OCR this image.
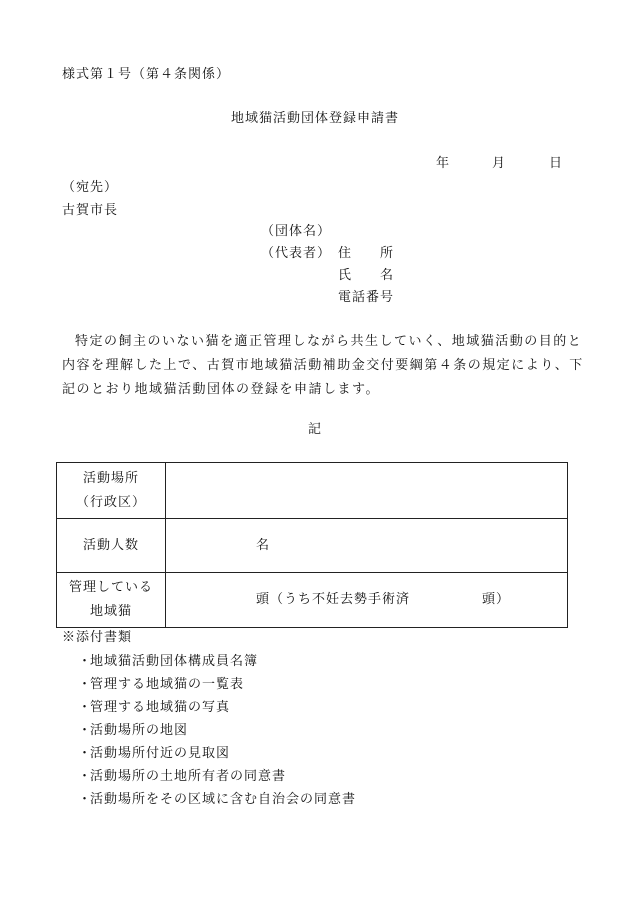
様式第１号（第４条関係）
地域猫活動団体登録申請書
年	月	日
（宛先）
古賀市長
（団体名）
（代表者） 住　　所
氏　　名
電話番号
特定の飼主のいない猫を適正管理しながら共生していく、地域猫活動の目的と
内容を理解した上で、古賀市地域猫活動補助金交付要綱第４条の規定により、下
記のとおり地域猫活動団体の登録を申請します。
記
活動場所
（行政区）	

活動人数	名

管理している
地域猫	頭（うち不妊去勢手術済 頭）
※添付書類
・地域猫活動団体構成員名簿
・管理する地域猫の一覧表
・管理する地域猫の写真
・活動場所の地図
・活動場所付近の見取図
・活動場所の土地所有者の同意書
・活動場所をその区域に含む自治会の同意書
